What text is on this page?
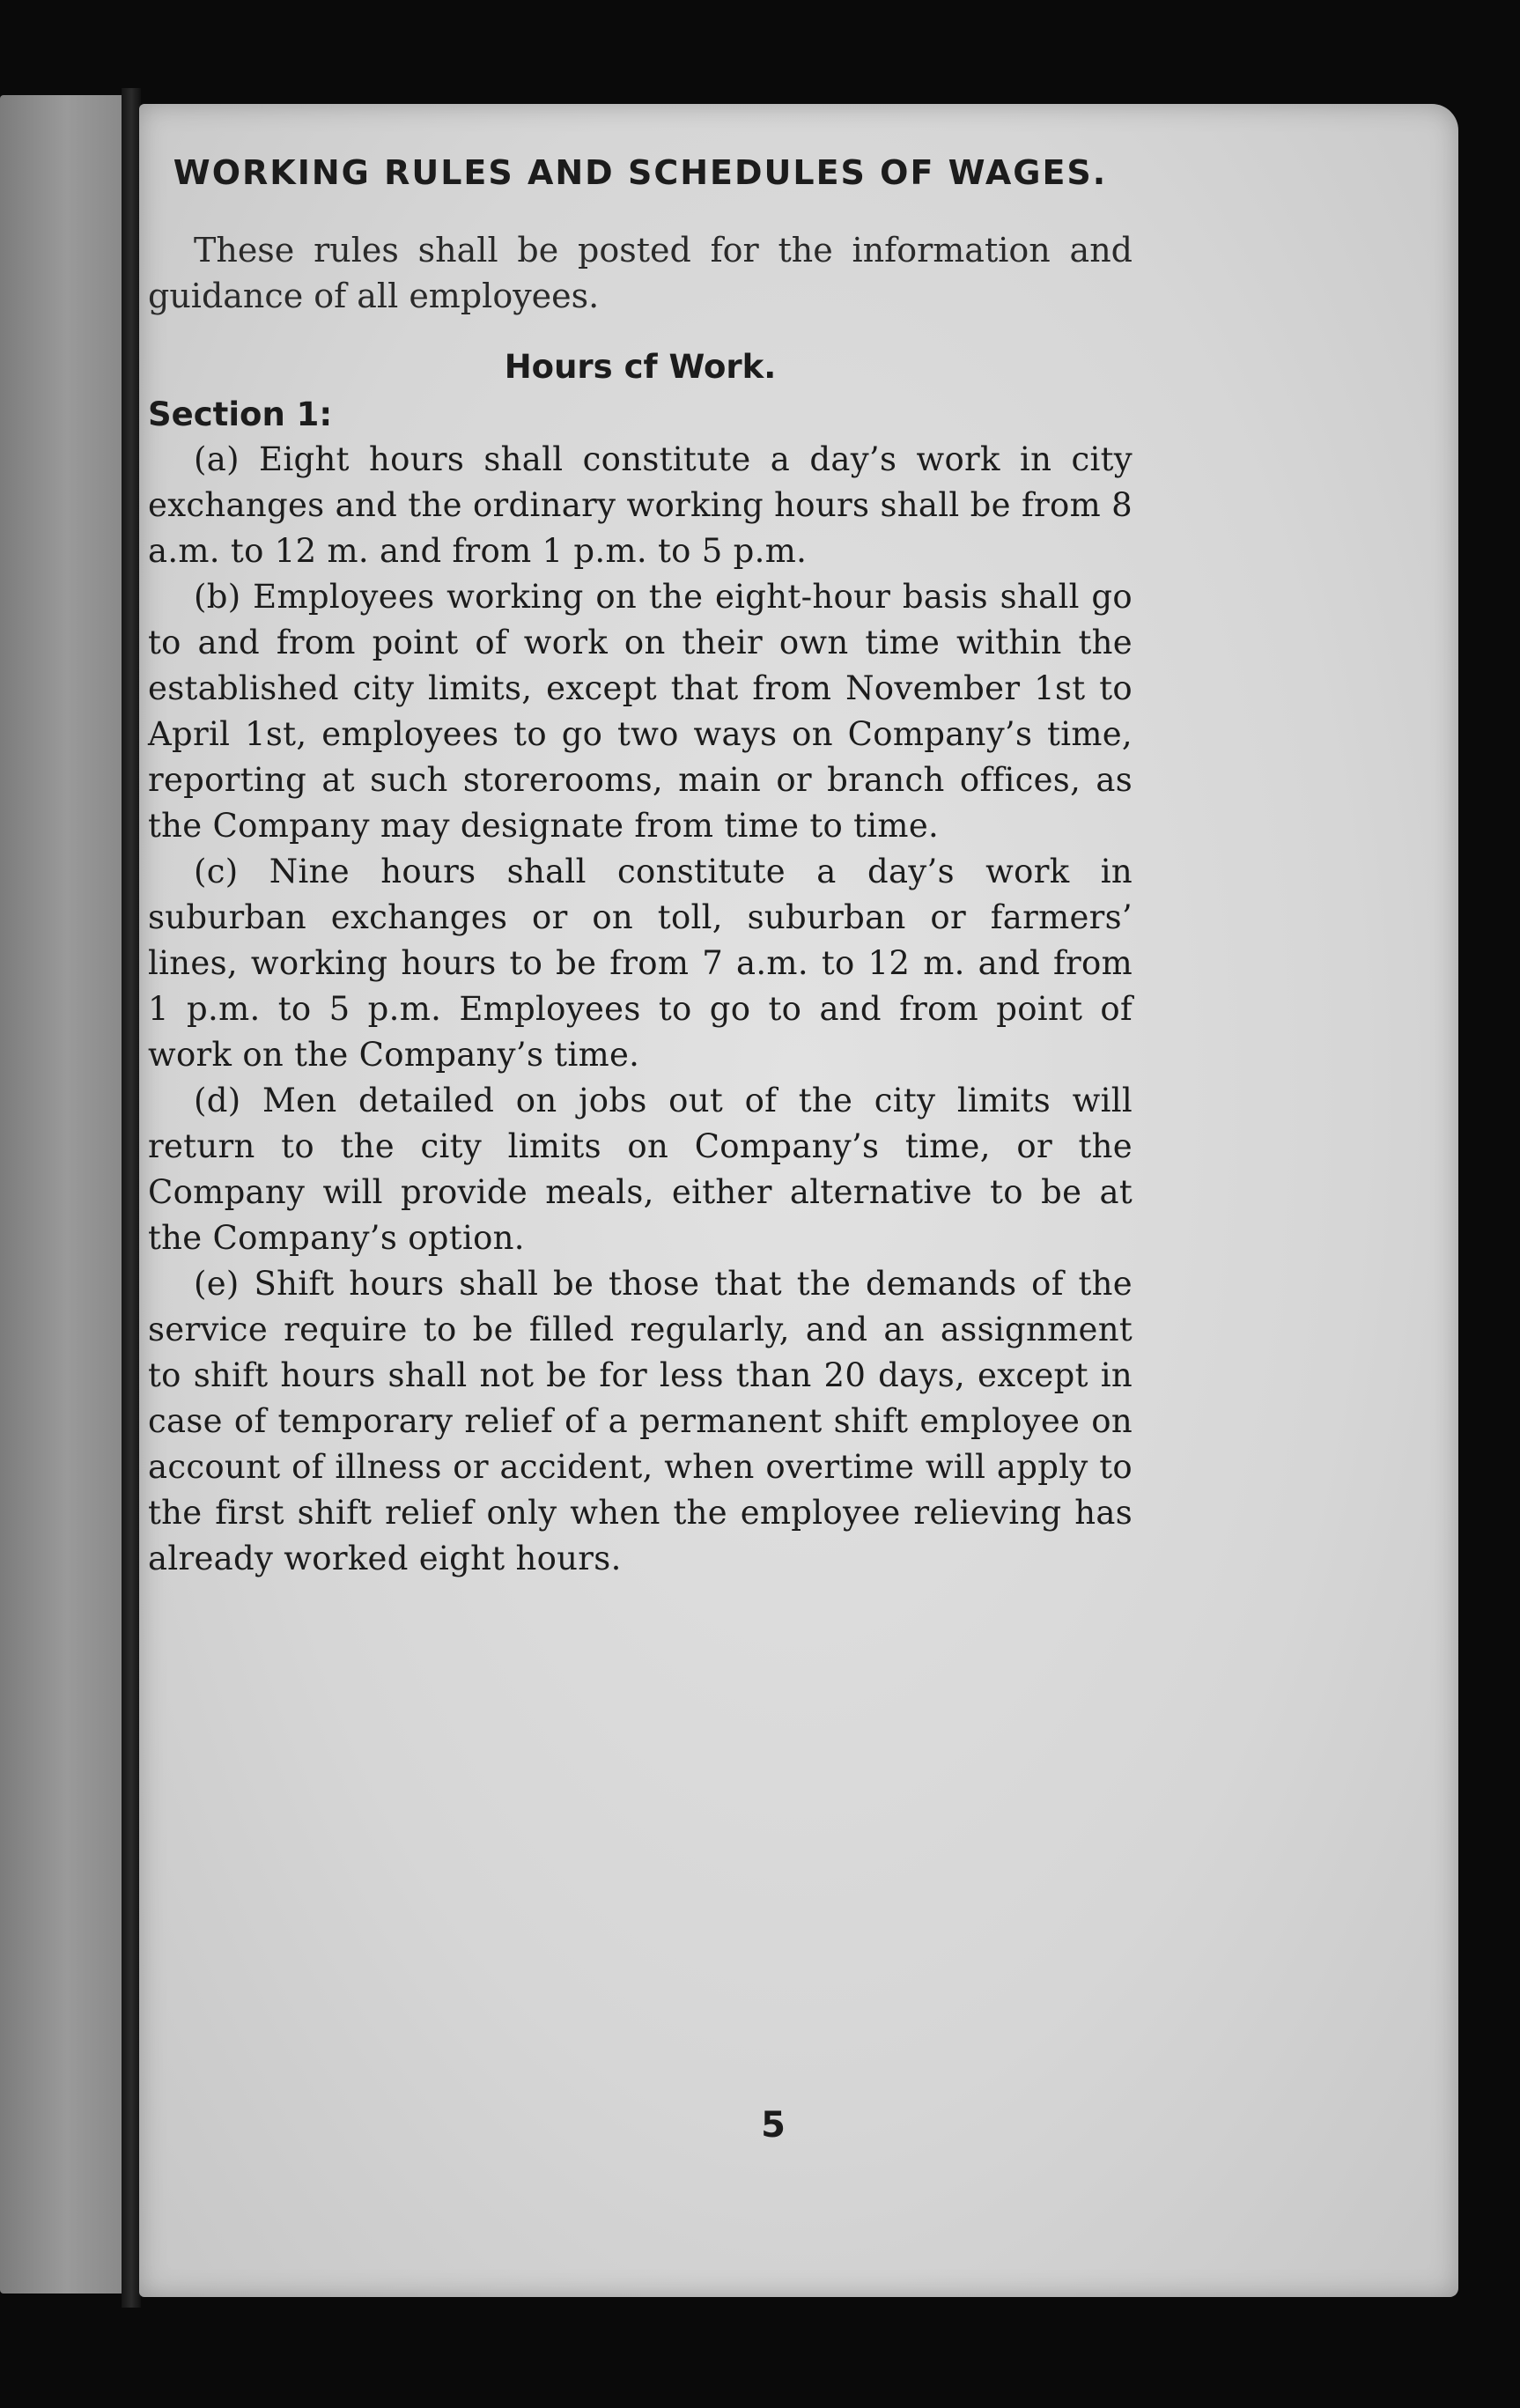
WORKING RULES AND SCHEDULES OF WAGES.

These rules shall be posted for the information and guidance of all employees.

Hours cf Work.
Section 1:

(a) Eight hours shall constitute a day’s work in city exchanges and the ordinary working hours shall be from 8 a.m. to 12 m. and from 1 p.m. to 5 p.m.

(b) Employees working on the eight-hour basis shall go to and from point of work on their own time within the established city limits, except that from November 1st to April 1st, employees to go two ways on Company’s time, reporting at such storerooms, main or branch offices, as the Company may designate from time to time.

(c) Nine hours shall constitute a day’s work in suburban exchanges or on toll, suburban or farmers’ lines, working hours to be from 7 a.m. to 12 m. and from 1 p.m. to 5 p.m. Employees to go to and from point of work on the Company’s time.

(d) Men detailed on jobs out of the city limits will return to the city limits on Company’s time, or the Company will provide meals, either alternative to be at the Company’s option.

(e) Shift hours shall be those that the demands of the service require to be filled regularly, and an assignment to shift hours shall not be for less than 20 days, except in case of temporary relief of a permanent shift employee on account of illness or accident, when overtime will apply to the first shift relief only when the employee relieving has already worked eight hours.

5
